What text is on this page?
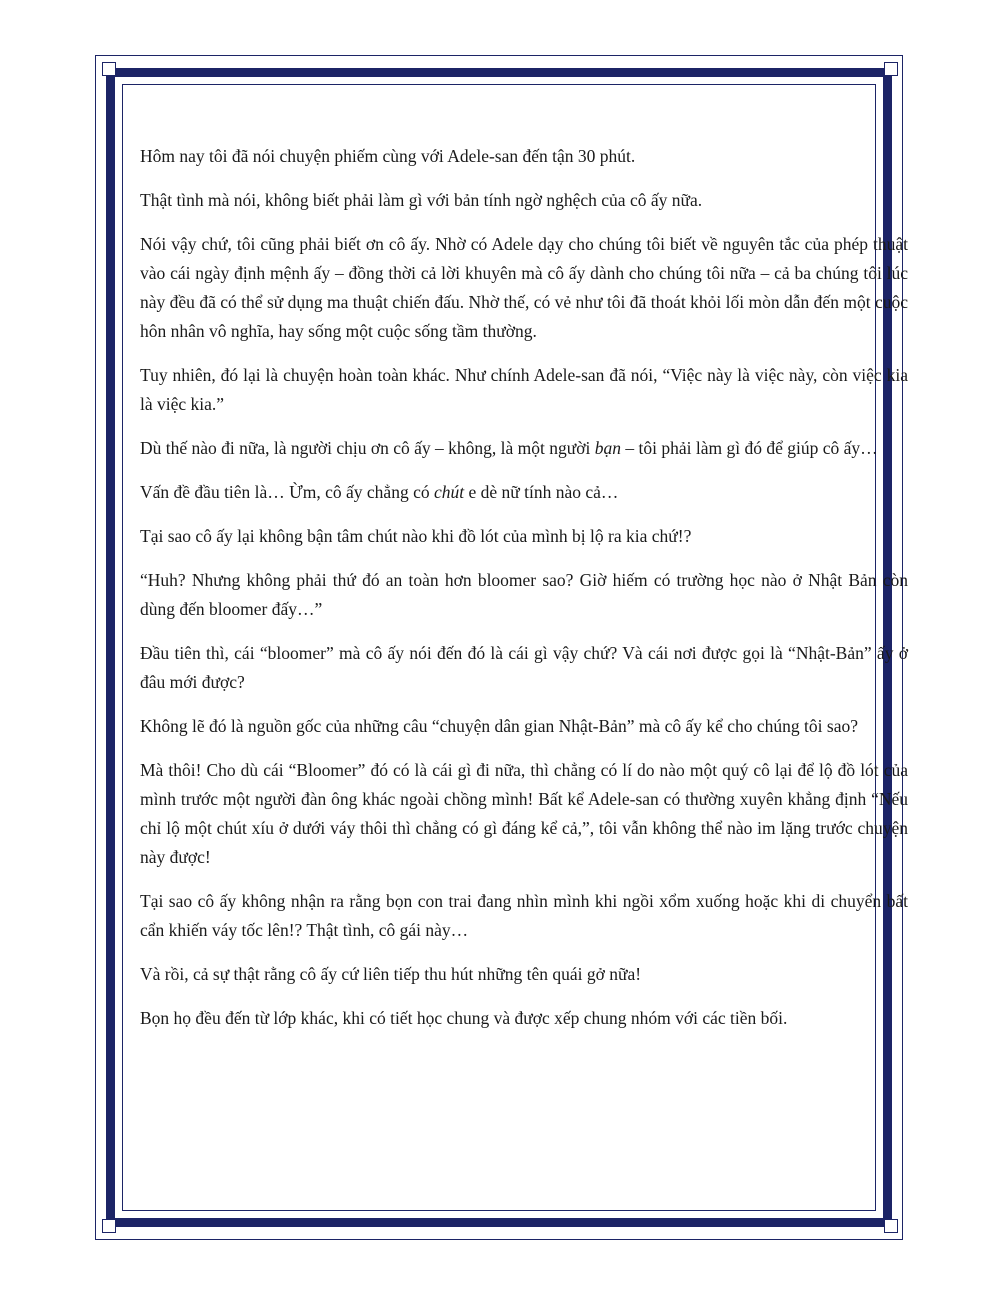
Hôm nay tôi đã nói chuyện phiếm cùng với Adele-san đến tận 30 phút.

Thật tình mà nói, không biết phải làm gì với bản tính ngờ nghệch của cô ấy nữa.

Nói vậy chứ, tôi cũng phải biết ơn cô ấy. Nhờ có Adele dạy cho chúng tôi biết về nguyên tắc của phép thuật vào cái ngày định mệnh ấy – đồng thời cả lời khuyên mà cô ấy dành cho chúng tôi nữa – cả ba chúng tôi lúc này đều đã có thể sử dụng ma thuật chiến đấu. Nhờ thế, có vẻ như tôi đã thoát khỏi lối mòn dẫn đến một cuộc hôn nhân vô nghĩa, hay sống một cuộc sống tầm thường.

Tuy nhiên, đó lại là chuyện hoàn toàn khác. Như chính Adele-san đã nói, “Việc này là việc này, còn việc kia là việc kia.”

Dù thế nào đi nữa, là người chịu ơn cô ấy – không, là một người bạn – tôi phải làm gì đó để giúp cô ấy…

Vấn đề đầu tiên là… Ừm, cô ấy chẳng có chút e dè nữ tính nào cả…

Tại sao cô ấy lại không bận tâm chút nào khi đồ lót của mình bị lộ ra kia chứ!?

“Huh? Nhưng không phải thứ đó an toàn hơn bloomer sao? Giờ hiếm có trường học nào ở Nhật Bản còn dùng đến bloomer đấy…”

Đầu tiên thì, cái “bloomer” mà cô ấy nói đến đó là cái gì vậy chứ? Và cái nơi được gọi là “Nhật-Bản” ấy ở đâu mới được?

Không lẽ đó là nguồn gốc của những câu “chuyện dân gian Nhật-Bản” mà cô ấy kể cho chúng tôi sao?

Mà thôi! Cho dù cái “Bloomer” đó có là cái gì đi nữa, thì chẳng có lí do nào một quý cô lại để lộ đồ lót của mình trước một người đàn ông khác ngoài chồng mình! Bất kể Adele-san có thường xuyên khẳng định “Nếu chỉ lộ một chút xíu ở dưới váy thôi thì chẳng có gì đáng kể cả,”, tôi vẫn không thể nào im lặng trước chuyện này được!

Tại sao cô ấy không nhận ra rằng bọn con trai đang nhìn mình khi ngồi xổm xuống hoặc khi di chuyển bất cẩn khiến váy tốc lên!? Thật tình, cô gái này…

Và rồi, cả sự thật rằng cô ấy cứ liên tiếp thu hút những tên quái gở nữa!

Bọn họ đều đến từ lớp khác, khi có tiết học chung và được xếp chung nhóm với các tiền bối.
